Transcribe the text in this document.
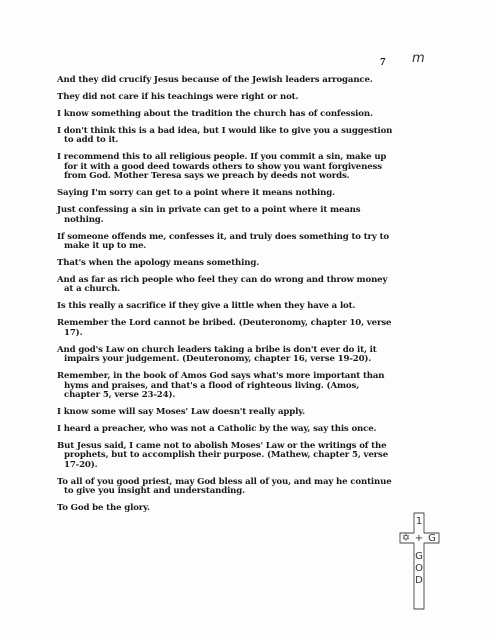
7 m

And they did crucify Jesus because of the Jewish leaders arrogance.

They did not care if his teachings were right or not.

I know something about the tradition the church has of confession.

I don't think this is a bad idea, but I would like to give you a suggestion to add to it.

I recommend this to all religious people. If you commit a sin, make up for it with a good deed towards others to show you want forgiveness from God. Mother Teresa says we preach by deeds not words.

Saying I'm sorry can get to a point where it means nothing.

Just confessing a sin in private can get to a point where it means nothing.

If someone offends me, confesses it, and truly does something to try to make it up to me.

That's when the apology means something.

And as far as rich people who feel they can do wrong and throw money at a church.

Is this really a sacrifice if they give a little when they have a lot.

Remember the Lord cannot be bribed. (Deuteronomy, chapter 10, verse 17).

And god's Law on church leaders taking a bribe is don't ever do it, it impairs your judgement. (Deuteronomy, chapter 16, verse 19-20).

Remember, in the book of Amos God says what's more important than hyms and praises, and that's a flood of righteous living. (Amos, chapter 5, verse 23-24).

I know some will say Moses' Law doesn't really apply.

I heard a preacher, who was not a Catholic by the way, say this once.

But Jesus said, I came not to abolish Moses' Law or the writings of the prophets, but to accomplish their purpose. (Mathew, chapter 5, verse 17-20).

To all of you good priest, may God bless all of you, and may he continue to give you insight and understanding.

To God be the glory.

1
✡ + G
G
O
D
